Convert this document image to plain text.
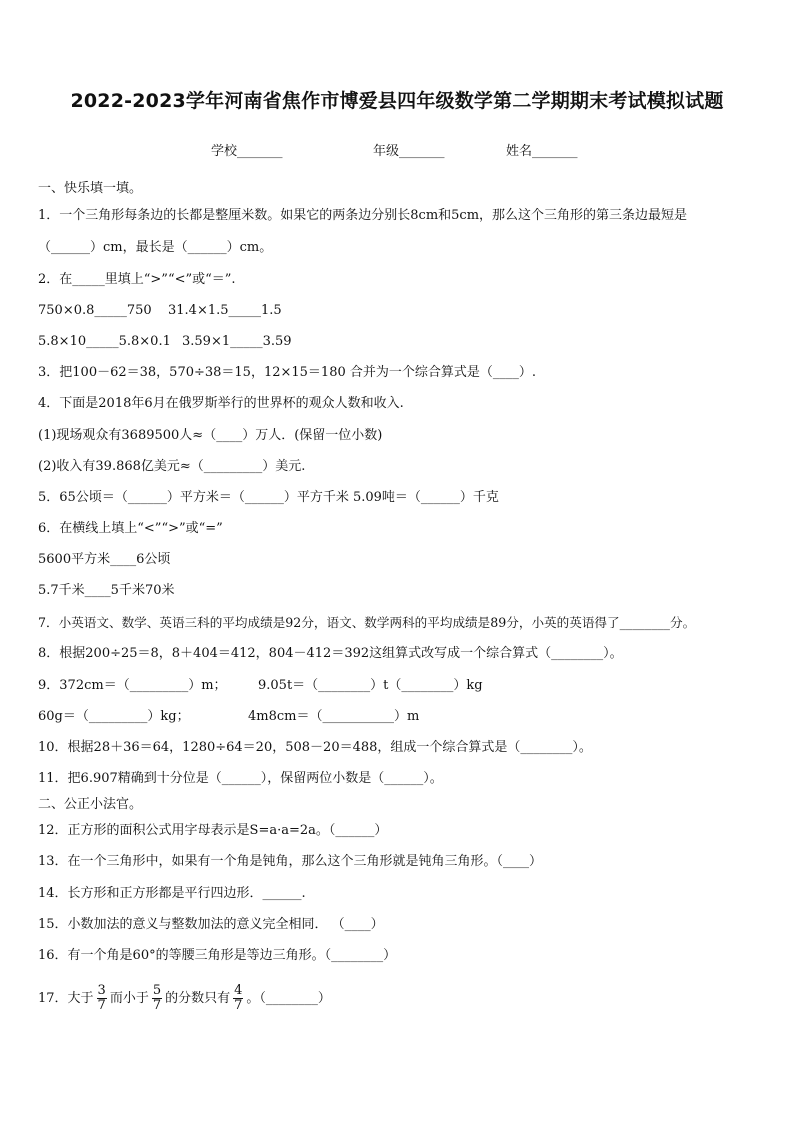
2022-2023学年河南省焦作市博爱县四年级数学第二学期期末考试模拟试题
学校_______	年级_______	姓名_______
一、快乐填一填。
1．一个三角形每条边的长都是整厘米数。如果它的两条边分别长8cm和5cm，那么这个三角形的第三条边最短是
（______）cm，最长是（______）cm。
2．在_____里填上“>”“<”或“＝”.
750×0.8_____750 31.4×1.5_____1.5
5.8×10_____5.8×0.1 3.59×1_____3.59
3．把100－62＝38，570÷38＝15，12×15＝180 合并为一个综合算式是（____）.
4．下面是2018年6月在俄罗斯举行的世界杯的观众人数和收入.
(1)现场观众有3689500人≈（____）万人．(保留一位小数)
(2)收入有39.868亿美元≈（_________）美元.
5．65公顷＝（______）平方米＝（______）平方千米 5.09吨＝（______）千克
6．在横线上填上“<”“>”或“=”
5600平方米____6公顷
5.7千米____5千米70米
7．小英语文、数学、英语三科的平均成绩是92分，语文、数学两科的平均成绩是89分，小英的英语得了________分。
8．根据200÷25＝8，8＋404＝412，804－412＝392这组算式改写成一个综合算式（________）。
9．372cm＝（_________）m； 9.05t＝（________）t（________）kg
60g＝（_________）kg；	4m8cm＝（___________）m
10．根据28＋36＝64，1280÷64＝20，508－20＝488，组成一个综合算式是（________）。
11．把6.907精确到十分位是（______），保留两位小数是（______）。
二、公正小法官。
12．正方形的面积公式用字母表示是S=a·a=2a。（______）
13．在一个三角形中，如果有一个角是钝角，那么这个三角形就是钝角三角形。（____）
14．长方形和正方形都是平行四边形．______.
15．小数加法的意义与整数加法的意义完全相同． （____）
16．有一个角是60°的等腰三角形是等边三角形。（________）
17．大于 $\frac{3}{7}$ 而小于 $\frac{5}{7}$ 的分数只有 $\frac{4}{7}$ 。（________）
